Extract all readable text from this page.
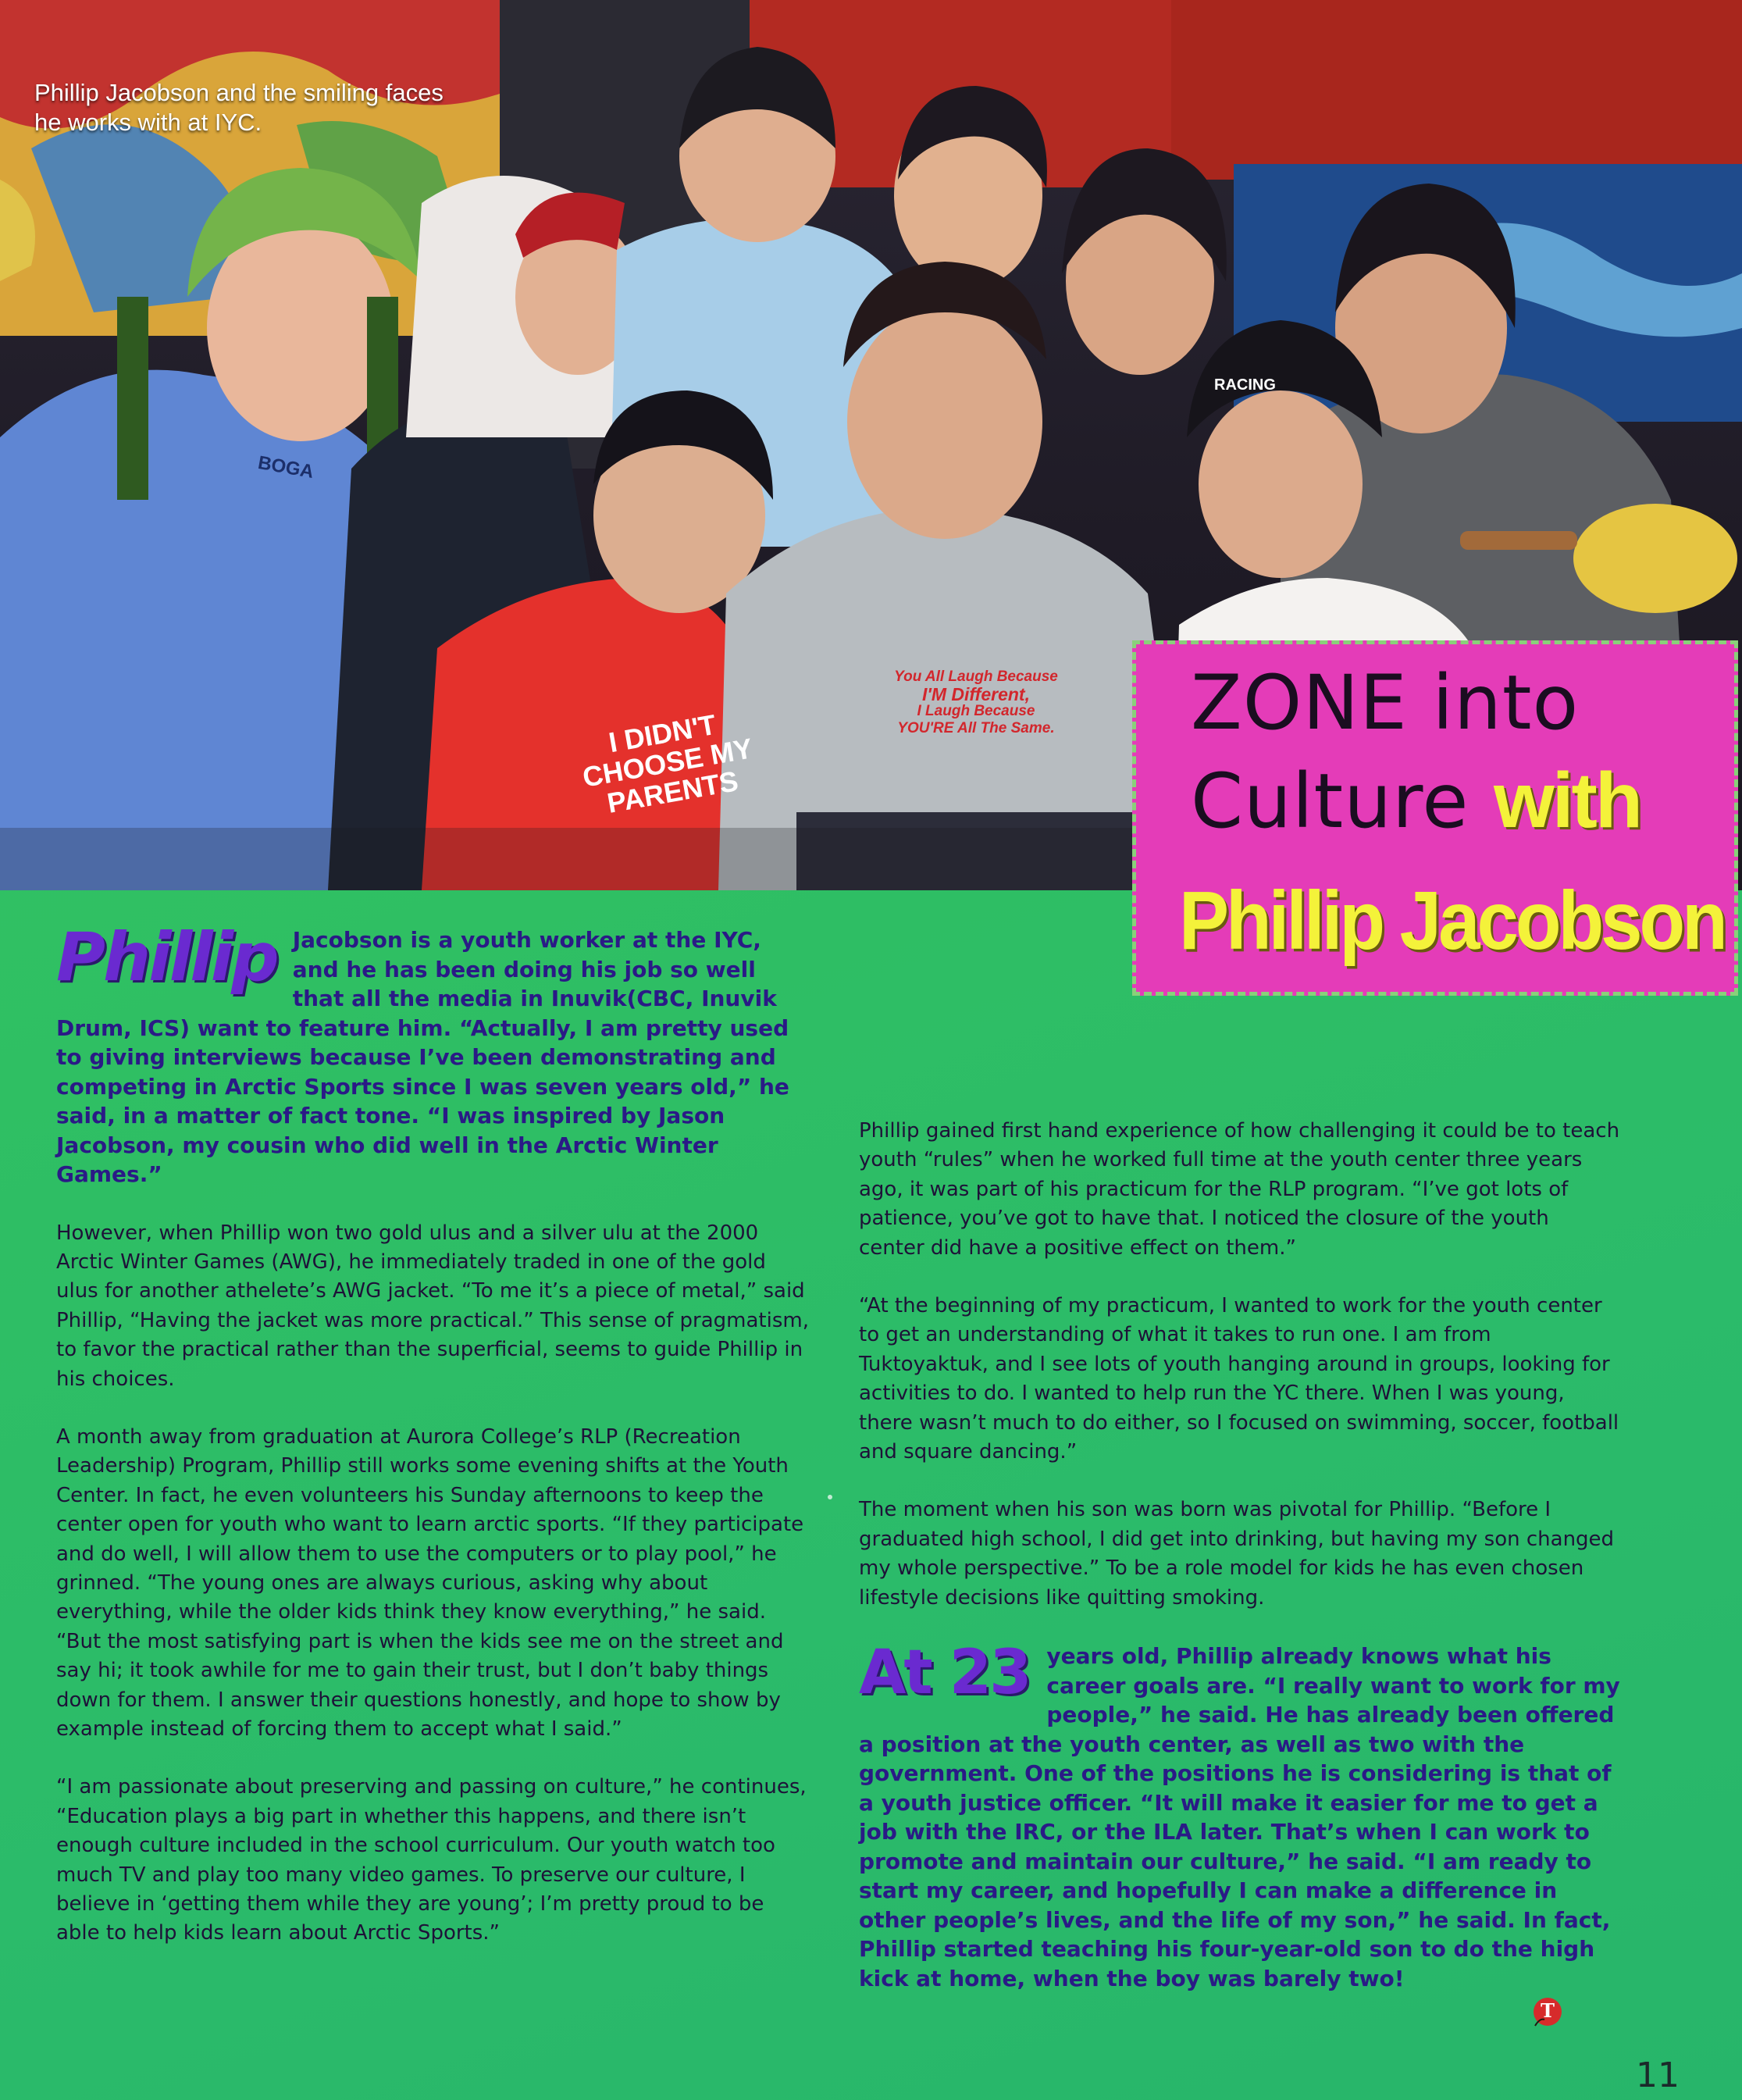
You All Laugh Because
I'M Different,
I Laugh Because
YOU'RE All The Same.
I DIDN'T CHOOSE MY PARENTS
BOGA
RACING
Phillip Jacobson and the smiling faces he works with at IYC.
ZONE into
Culture with
Phillip Jacobson

Phillip Jacobson is a youth worker at the IYC, and he has been doing his job so well that all the media in Inuvik(CBC, Inuvik Drum, ICS) want to feature him. “Actually, I am pretty used to giving interviews because I’ve been demonstrating and competing in Arctic Sports since I was seven years old,” he said, in a matter of fact tone. “I was inspired by Jason Jacobson, my cousin who did well in the Arctic Winter Games.”

However, when Phillip won two gold ulus and a silver ulu at the 2000 Arctic Winter Games (AWG), he immediately traded in one of the gold ulus for another athelete’s AWG jacket. “To me it’s a piece of metal,” said Phillip, “Having the jacket was more practical.” This sense of pragmatism, to favor the practical rather than the superficial, seems to guide Phillip in his choices.

A month away from graduation at Aurora College’s RLP (Recreation Leadership) Program, Phillip still works some evening shifts at the Youth Center. In fact, he even volunteers his Sunday afternoons to keep the center open for youth who want to learn arctic sports. “If they participate and do well, I will allow them to use the computers or to play pool,” he grinned. “The young ones are always curious, asking why about everything, while the older kids think they know everything,” he said. “But the most satisfying part is when the kids see me on the street and say hi; it took awhile for me to gain their trust, but I don’t baby things down for them. I answer their questions honestly, and hope to show by example instead of forcing them to accept what I said.”

“I am passionate about preserving and passing on culture,” he continues, “Education plays a big part in whether this happens, and there isn’t enough culture included in the school curriculum. Our youth watch too much TV and play too many video games. To preserve our culture, I believe in ‘getting them while they are young’; I’m pretty proud to be able to help kids learn about Arctic Sports.”

Phillip gained first hand experience of how challenging it could be to teach youth “rules” when he worked full time at the youth center three years ago, it was part of his practicum for the RLP program. “I’ve got lots of patience, you’ve got to have that. I noticed the closure of the youth center did have a positive effect on them.”

“At the beginning of my practicum, I wanted to work for the youth center to get an understanding of what it takes to run one. I am from Tuktoyaktuk, and I see lots of youth hanging around in groups, looking for activities to do. I wanted to help run the YC there. When I was young, there wasn’t much to do either, so I focused on swimming, soccer, football and square dancing.”

The moment when his son was born was pivotal for Phillip. “Before I graduated high school, I did get into drinking, but having my son changed my whole perspective.” To be a role model for kids he has even chosen lifestyle decisions like quitting smoking.

At 23 years old, Phillip already knows what his career goals are. “I really want to work for my people,” he said. He has already been offered a position at the youth center, as well as two with the government. One of the positions he is considering is that of a youth justice officer. “It will make it easier for me to get a job with the IRC, or the ILA later. That’s when I can work to promote and maintain our culture,” he said. “I am ready to start my career, and hopefully I can make a difference in other people’s lives, and the life of my son,” he said. In fact, Phillip started teaching his four-year-old son to do the high kick at home, when the boy was barely two!

T
11
